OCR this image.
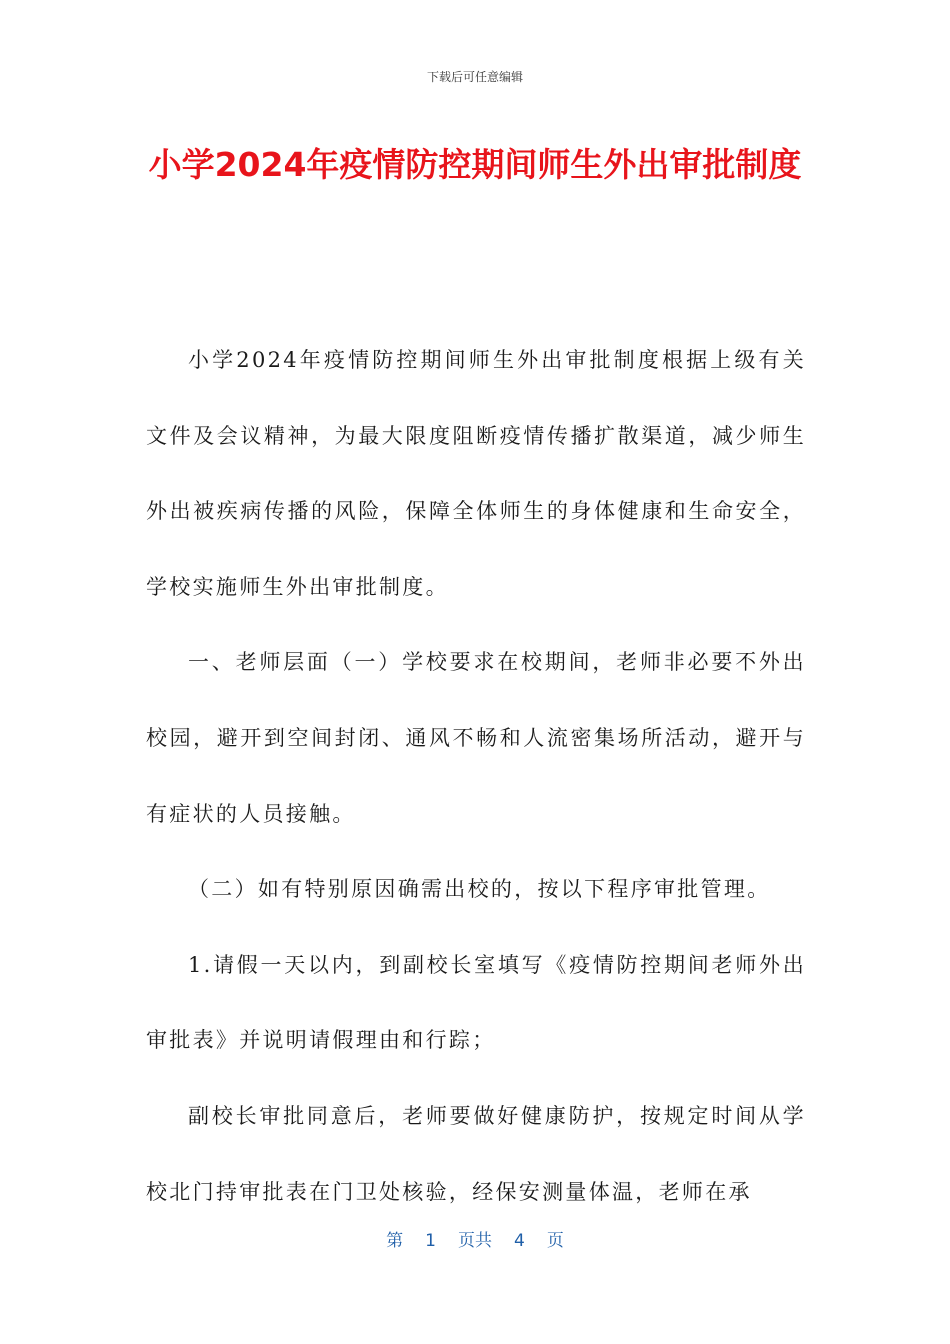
下载后可任意编辑
小学2024年疫情防控期间师生外出审批制度

小学2024年疫情防控期间师生外出审批制度根据上级有关文件及会议精神，为最大限度阻断疫情传播扩散渠道，减少师生外出被疾病传播的风险，保障全体师生的身体健康和生命安全，学校实施师生外出审批制度。

一、老师层面（一）学校要求在校期间，老师非必要不外出校园，避开到空间封闭、通风不畅和人流密集场所活动，避开与有症状的人员接触。

（二）如有特别原因确需出校的，按以下程序审批管理。

1.请假一天以内，到副校长室填写《疫情防控期间老师外出审批表》并说明请假理由和行踪；

副校长审批同意后，老师要做好健康防护，按规定时间从学校北门持审批表在门卫处核验，经保安测量体温，老师在承

第 1 页共 4 页
